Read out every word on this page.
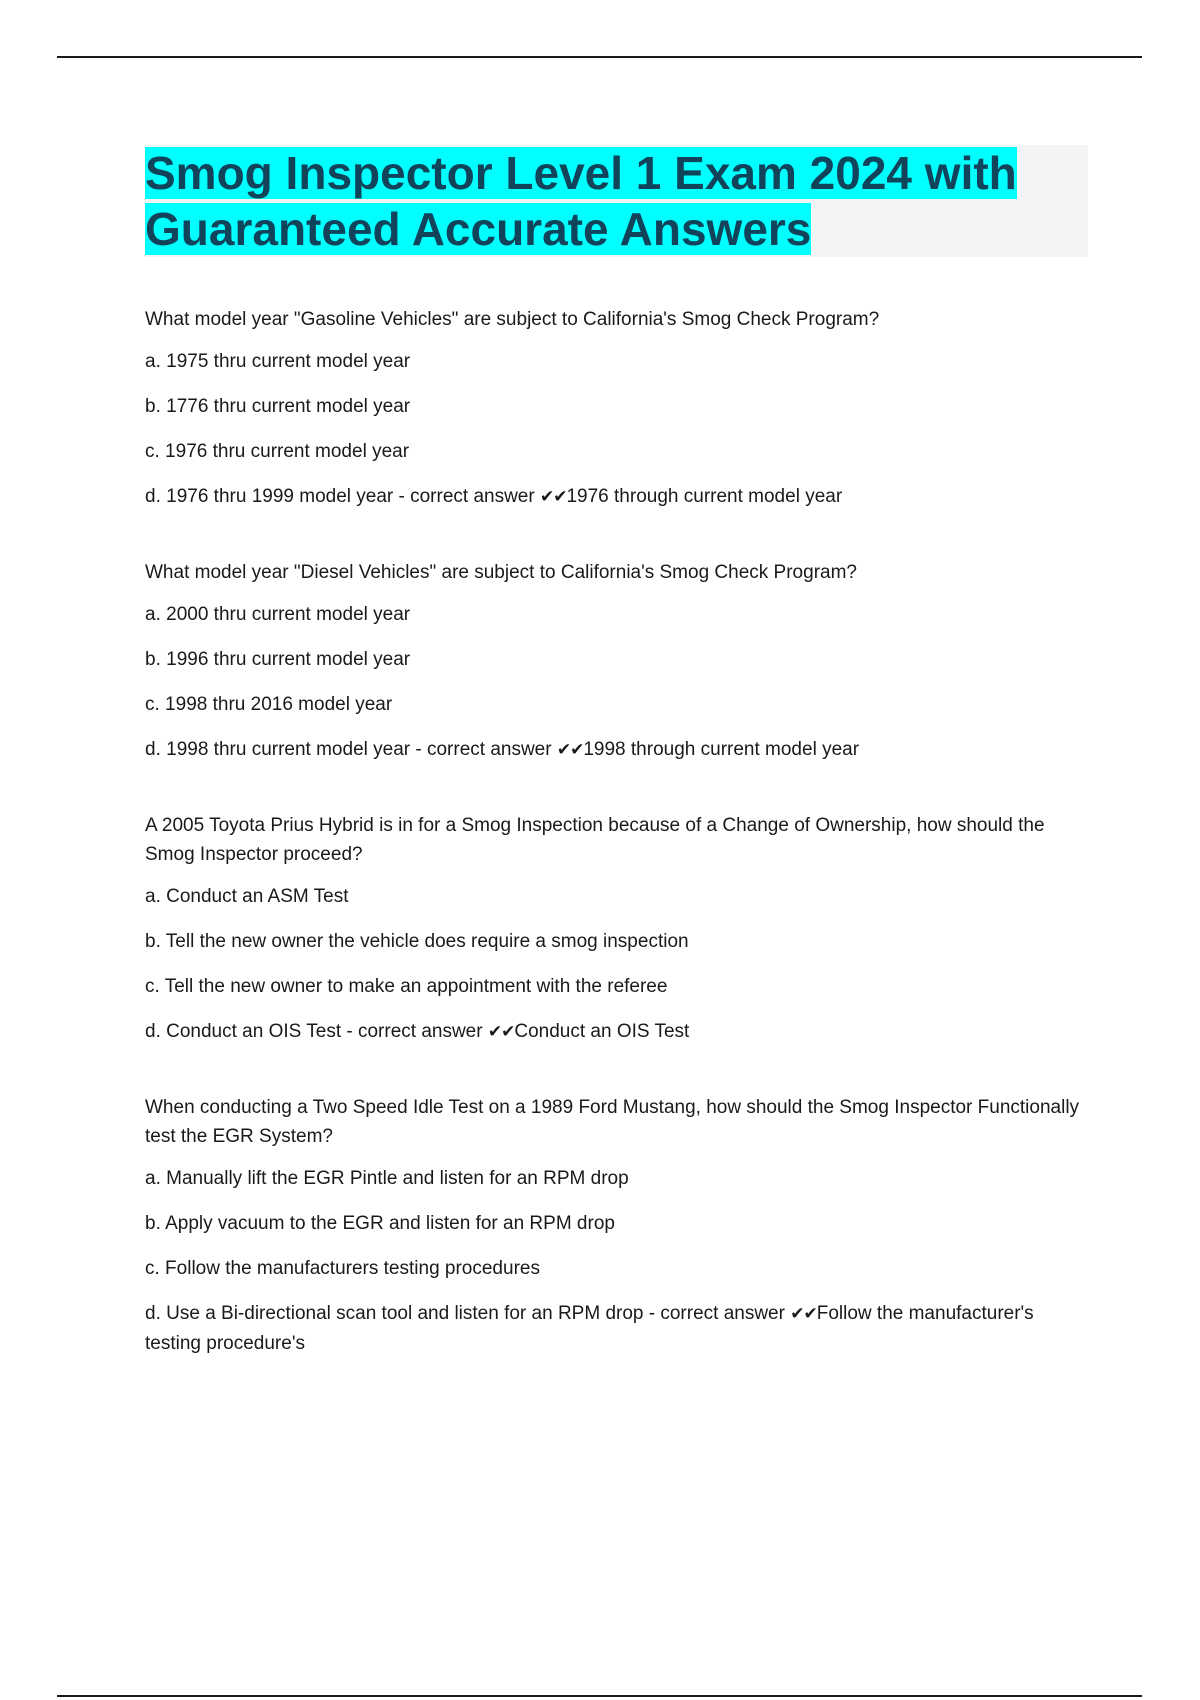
Smog Inspector Level 1 Exam 2024 with Guaranteed Accurate Answers

What model year "Gasoline Vehicles" are subject to California's Smog Check Program?

a. 1975 thru current model year

b. 1776 thru current model year

c. 1976 thru current model year

d. 1976 thru 1999 model year - correct answer ✔✔1976 through current model year

What model year "Diesel Vehicles" are subject to California's Smog Check Program?

a. 2000 thru current model year

b. 1996 thru current model year

c. 1998 thru 2016 model year

d. 1998 thru current model year - correct answer ✔✔1998 through current model year

A 2005 Toyota Prius Hybrid is in for a Smog Inspection because of a Change of Ownership, how should the Smog Inspector proceed?

a. Conduct an ASM Test

b. Tell the new owner the vehicle does require a smog inspection

c. Tell the new owner to make an appointment with the referee

d. Conduct an OIS Test - correct answer ✔✔Conduct an OIS Test

When conducting a Two Speed Idle Test on a 1989 Ford Mustang, how should the Smog Inspector Functionally test the EGR System?

a. Manually lift the EGR Pintle and listen for an RPM drop

b. Apply vacuum to the EGR and listen for an RPM drop

c. Follow the manufacturers testing procedures

d. Use a Bi-directional scan tool and listen for an RPM drop - correct answer ✔✔Follow the manufacturer's testing procedure's
